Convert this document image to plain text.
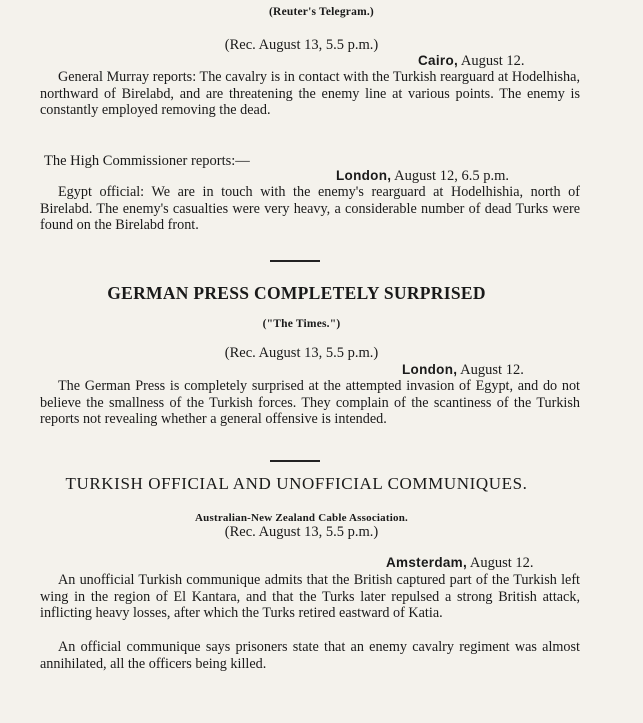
(Reuter's Telegram.)
(Rec. August 13, 5.5 p.m.)
Cairo, August 12.
General Murray reports: The cavalry is in contact with the Turkish rearguard at Hodelhisha, northward of Birelabd, and are threatening the enemy line at various points. The enemy is constantly employed removing the dead.
The High Commissioner reports:—
London, August 12, 6.5 p.m.
Egypt official: We are in touch with the enemy's rearguard at Hodelhishia, north of Birelabd. The enemy's casualties were very heavy, a considerable number of dead Turks were found on the Birelabd front.
GERMAN PRESS COMPLETELY SURPRISED
("The Times.")
(Rec. August 13, 5.5 p.m.)
London, August 12.
The German Press is completely surprised at the attempted invasion of Egypt, and do not believe the smallness of the Turkish forces. They complain of the scantiness of the Turkish reports not revealing whether a general offensive is intended.
TURKISH OFFICIAL AND UNOFFICIAL COMMUNIQUES.
Australian-New Zealand Cable Association.
(Rec. August 13, 5.5 p.m.)
Amsterdam, August 12.
An unofficial Turkish communique admits that the British captured part of the Turkish left wing in the region of El Kantara, and that the Turks later repulsed a strong British attack, inflicting heavy losses, after which the Turks retired eastward of Katia.
An official communique says prisoners state that an enemy cavalry regiment was almost annihilated, all the officers being killed.
